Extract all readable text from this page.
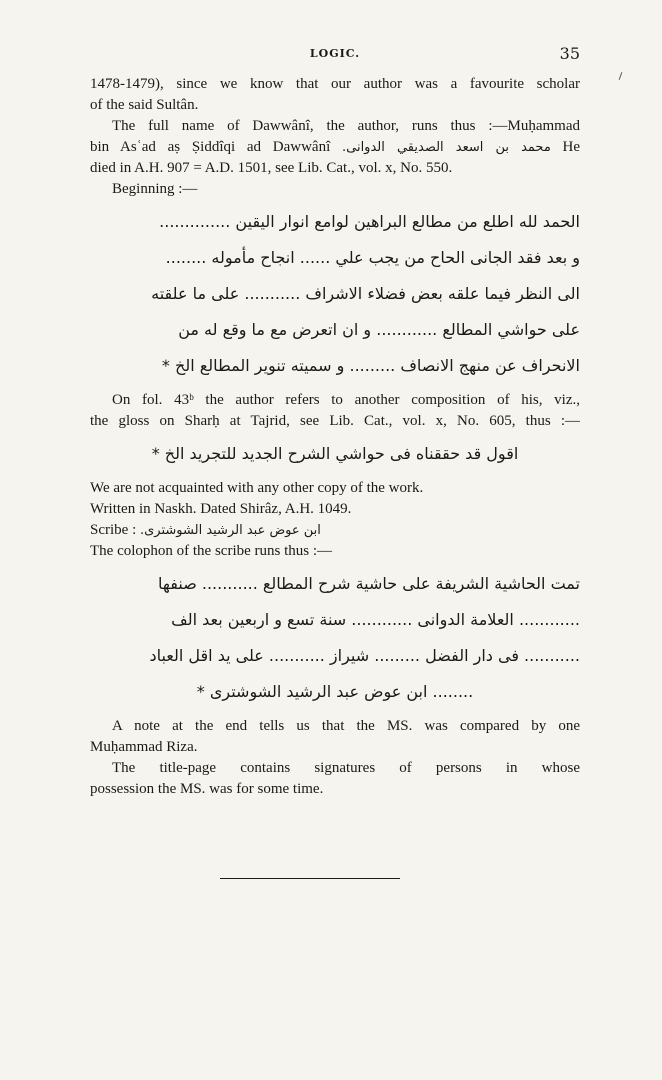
LOGIC.	35
1478-1479), since we know that our author was a favourite scholar
of the said Sultân.
The full name of Dawwânî, the author, runs thus :—Muḥammad
bin Asʿad aṣ Ṣiddîqi ad Dawwânî محمد بن اسعد الصديقي الدوانی. He
died in A.H. 907 = A.D. 1501, see Lib. Cat., vol. x, No. 550.
Beginning :—
الحمد لله اطلع من مطالع البراهين لوامع انوار اليقين ..............
و بعد فقد الجانی الحاح من يجب علي ...... انجاح مأموله ........
الی النظر فيما علقه بعض فضلاء الاشراف ........... علی ما علقته
علی حواشي المطالع ............ و ان اتعرض مع ما وقع له من
الانحراف عن منهج الانصاف ......... و سميته تنوير المطالع الخ *
On fol. 43ᵇ the author refers to another composition of his, viz.,
the gloss on Sharḥ at Tajrid, see Lib. Cat., vol. x, No. 605, thus :—
اقول قد حققناه فی حواشي الشرح الجديد للتجريد الخ *
We are not acquainted with any other copy of the work.
Written in Naskh. Dated Shirâz, A.H. 1049.
Scribe : ابن عوض عبد الرشيد الشوشتری.
The colophon of the scribe runs thus :—
تمت الحاشية الشريفة علی حاشية شرح المطالع ........... صنفها
............ العلامة الدوانی ............ سنة تسع و اربعين بعد الف
........... فی دار الفضل ......... شيراز ........... علی يد اقل العباد
........ ابن عوض عبد الرشيد الشوشتری *
A note at the end tells us that the MS. was compared by one
Muḥammad Riza.
The title-page contains signatures of persons in whose
possession the MS. was for some time.
